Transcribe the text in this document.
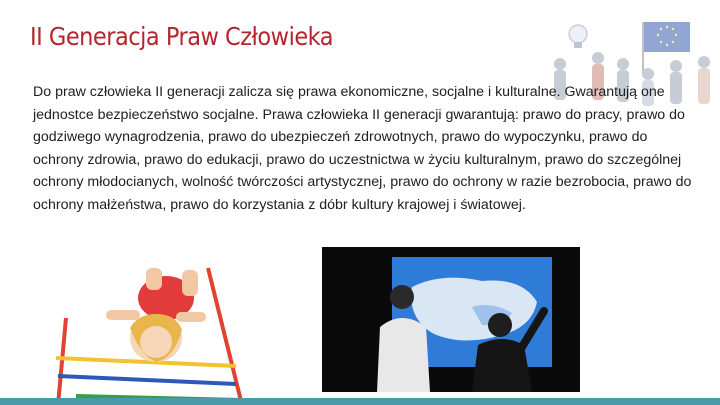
II Generacja Praw Człowieka

Do praw człowieka II generacji zalicza się prawa ekonomiczne, socjalne i kulturalne. Gwarantują one jednostce bezpieczeństwo socjalne. Prawa człowieka II generacji gwarantują: prawo do pracy, prawo do godziwego wynagrodzenia, prawo do ubezpieczeń zdrowotnych, prawo do wypoczynku, prawo do ochrony zdrowia, prawo do edukacji, prawo do uczestnictwa w życiu kulturalnym, prawo do szczególnej ochrony młodocianych, wolność twórczości artystycznej, prawo do ochrony w razie bezrobocia, prawo do ochrony małżeństwa, prawo do korzystania z dóbr kultury krajowej i światowej.
